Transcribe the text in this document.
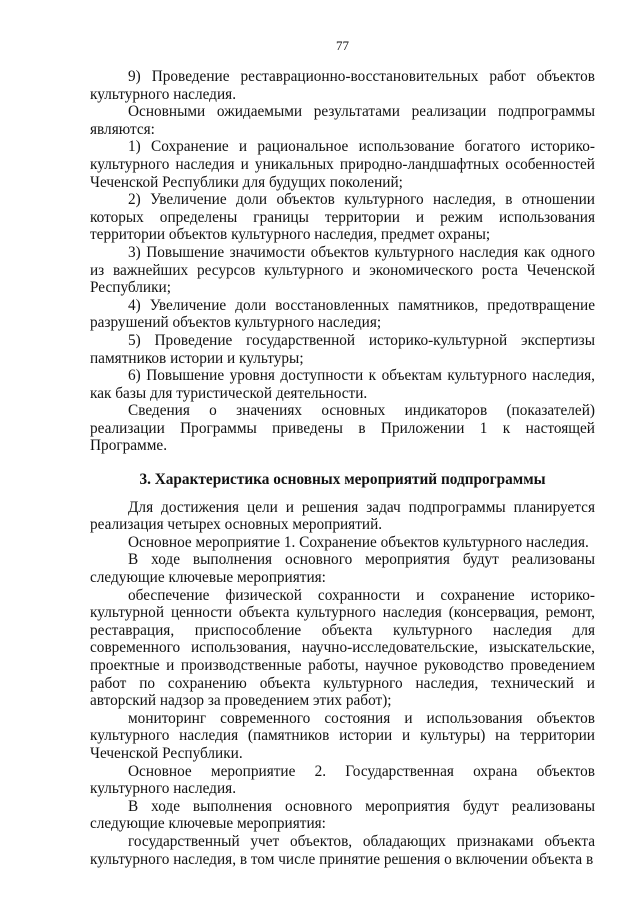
77

9) Проведение реставрационно-восстановительных работ объектов культурного наследия.

Основными ожидаемыми результатами реализации подпрограммы являются:

1) Сохранение и рациональное использование богатого историко-культурного наследия и уникальных природно-ландшафтных особенностей Чеченской Республики для будущих поколений;

2) Увеличение доли объектов культурного наследия, в отношении которых определены границы территории и режим использования территории объектов культурного наследия, предмет охраны;

3) Повышение значимости объектов культурного наследия как одного из важнейших ресурсов культурного и экономического роста Чеченской Республики;

4) Увеличение доли восстановленных памятников, предотвращение разрушений объектов культурного наследия;

5) Проведение государственной историко-культурной экспертизы памятников истории и культуры;

6) Повышение уровня доступности к объектам культурного наследия, как базы для туристической деятельности.

Сведения о значениях основных индикаторов (показателей) реализации Программы приведены в Приложении 1 к настоящей Программе.

3. Характеристика основных мероприятий подпрограммы

Для достижения цели и решения задач подпрограммы планируется реализация четырех основных мероприятий.

Основное мероприятие 1. Сохранение объектов культурного наследия.

В ходе выполнения основного мероприятия будут реализованы следующие ключевые мероприятия:

обеспечение физической сохранности и сохранение историко-культурной ценности объекта культурного наследия (консервация, ремонт, реставрация, приспособление объекта культурного наследия для современного использования, научно-исследовательские, изыскательские, проектные и производственные работы, научное руководство проведением работ по сохранению объекта культурного наследия, технический и авторский надзор за проведением этих работ);

мониторинг современного состояния и использования объектов культурного наследия (памятников истории и культуры) на территории Чеченской Республики.

Основное мероприятие 2. Государственная охрана объектов культурного наследия.

В ходе выполнения основного мероприятия будут реализованы следующие ключевые мероприятия:

государственный учет объектов, обладающих признаками объекта культурного наследия, в том числе принятие решения о включении объекта в
